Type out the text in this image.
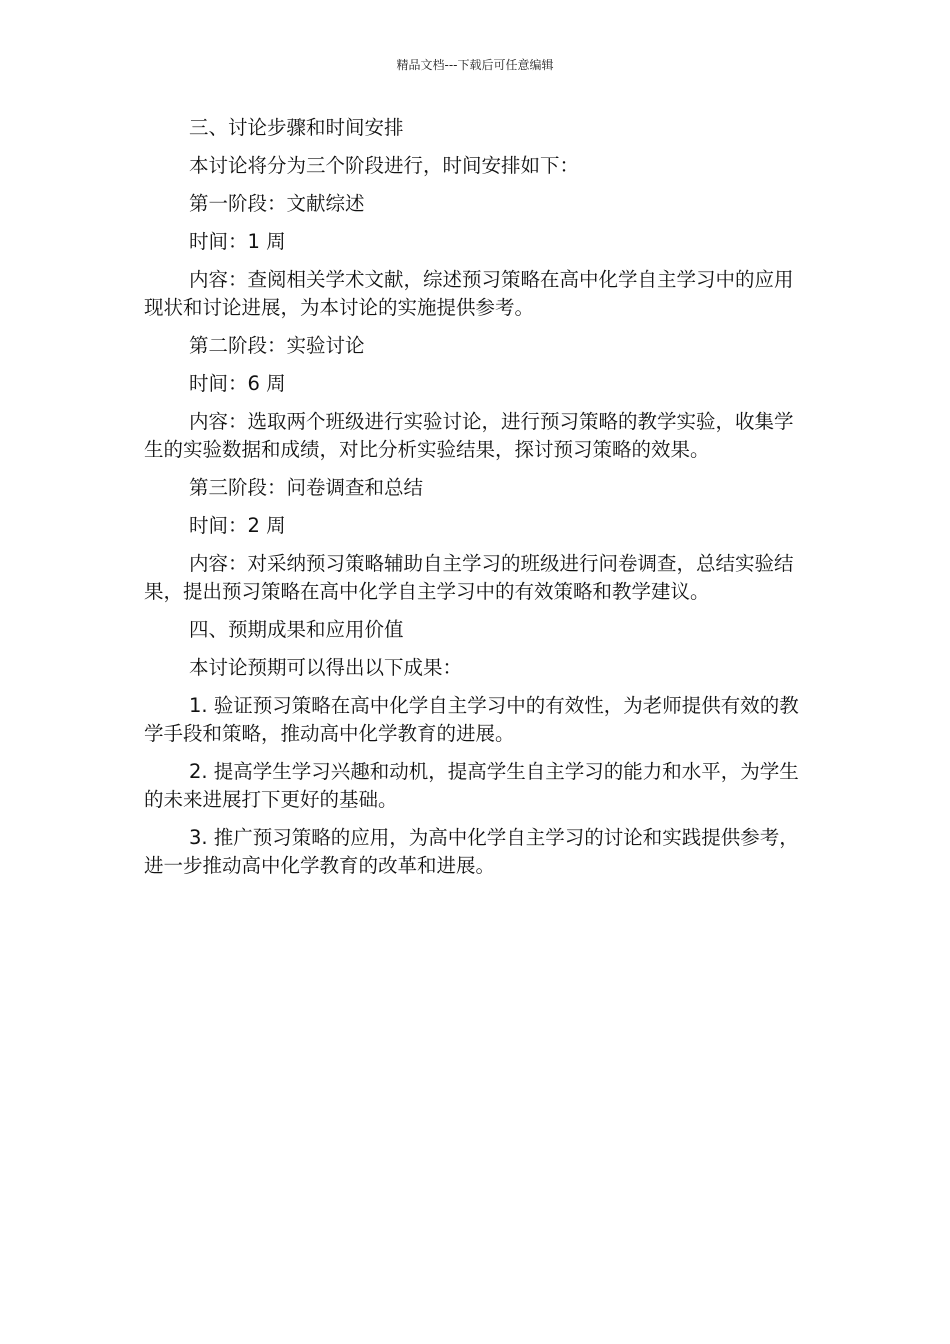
精品文档---下载后可任意编辑

三、讨论步骤和时间安排

本讨论将分为三个阶段进行，时间安排如下：

第一阶段：文献综述

时间：1 周

内容：查阅相关学术文献，综述预习策略在高中化学自主学习中的应用现状和讨论进展，为本讨论的实施提供参考。

第二阶段：实验讨论

时间：6 周

内容：选取两个班级进行实验讨论，进行预习策略的教学实验，收集学生的实验数据和成绩，对比分析实验结果，探讨预习策略的效果。

第三阶段：问卷调查和总结

时间：2 周

内容：对采纳预习策略辅助自主学习的班级进行问卷调查，总结实验结果，提出预习策略在高中化学自主学习中的有效策略和教学建议。

四、预期成果和应用价值

本讨论预期可以得出以下成果：

1. 验证预习策略在高中化学自主学习中的有效性，为老师提供有效的教学手段和策略，推动高中化学教育的进展。

2. 提高学生学习兴趣和动机，提高学生自主学习的能力和水平，为学生的未来进展打下更好的基础。

3. 推广预习策略的应用，为高中化学自主学习的讨论和实践提供参考，进一步推动高中化学教育的改革和进展。
